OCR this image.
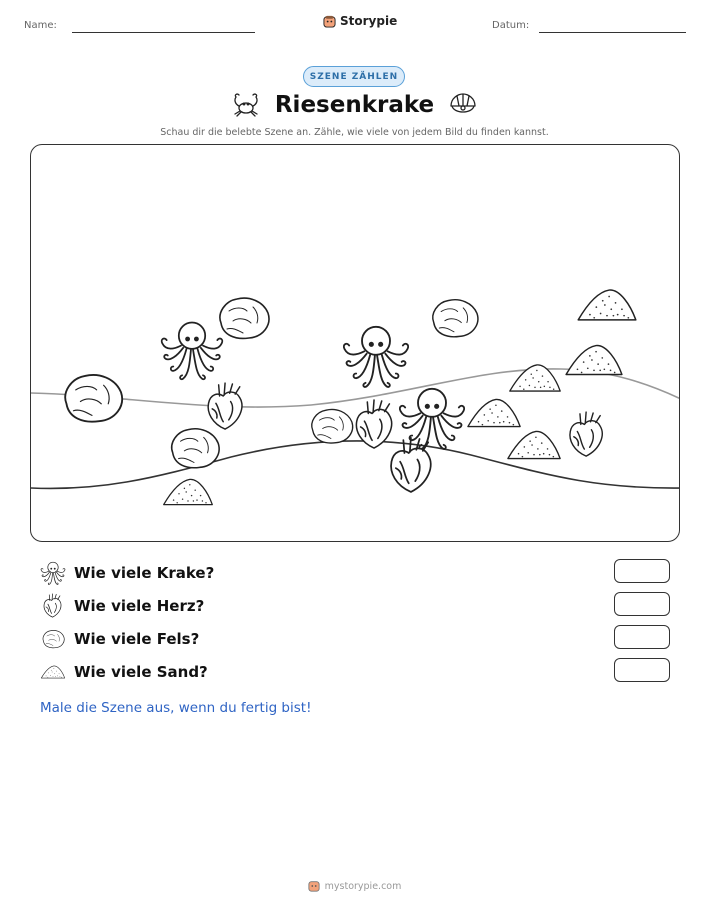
Name:	Storypie	Datum:
SZENE ZÄHLEN
Riesenkrake
Schau dir die belebte Szene an. Zähle, wie viele von jedem Bild du finden kannst.
Wie viele Krake?
Wie viele Herz?
Wie viele Fels?
Wie viele Sand?
Male die Szene aus, wenn du fertig bist!
mystorypie.com
